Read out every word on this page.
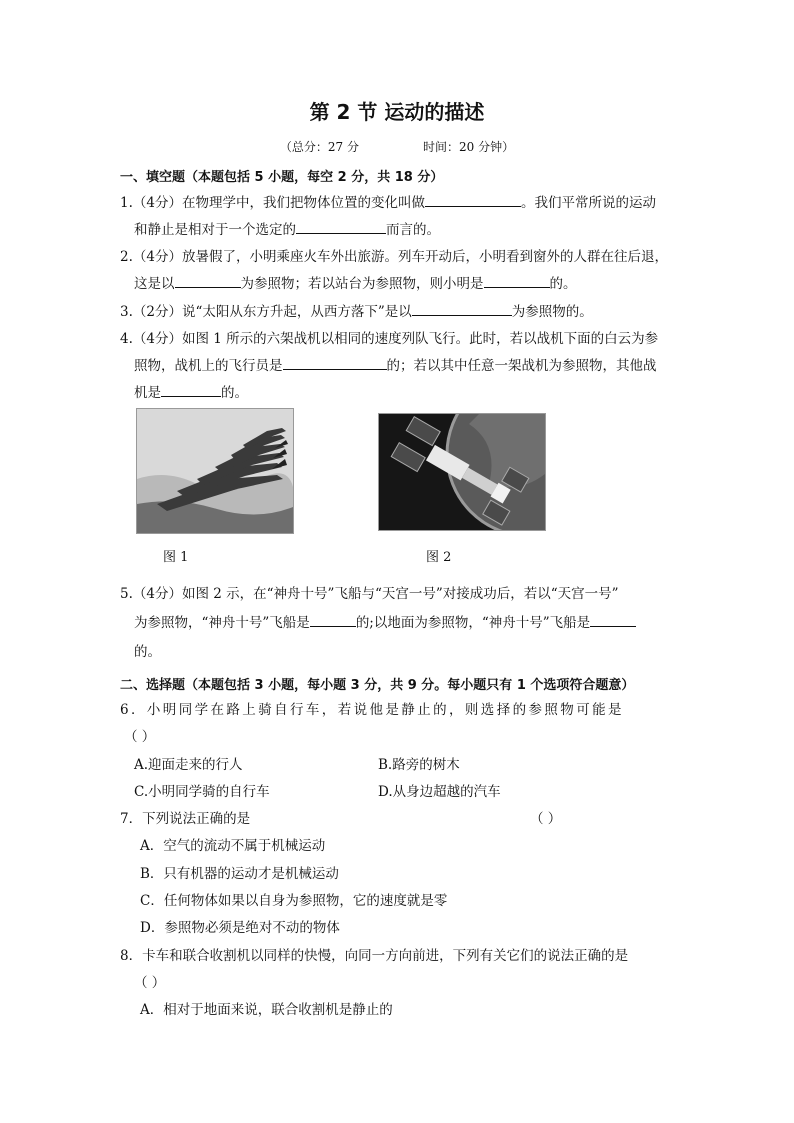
第 2 节 运动的描述
（总分：27 分	时间：20 分钟）
一、填空题（本题包括 5 小题，每空 2 分，共 18 分）
1.（4分）在物理学中，我们把物体位置的变化叫做	。我们平常所说的运动
和静止是相对于一个选定的	而言的。
2.（4分）放暑假了，小明乘座火车外出旅游。列车开动后，小明看到窗外的人群在往后退，
这是以	为参照物；若以站台为参照物，则小明是	的。
3.（2分）说“太阳从东方升起，从西方落下”是以	为参照物的。
4.（4分）如图 1 所示的六架战机以相同的速度列队飞行。此时，若以战机下面的白云为参
照物，战机上的飞行员是	的；若以其中任意一架战机为参照物，其他战
机是	的。
图 1	图 2
5.（4分）如图 2 示，在“神舟十号”飞船与“天宫一号”对接成功后，若以“天宫一号”
为参照物，“神舟十号”飞船是	的;以地面为参照物，“神舟十号”飞船是
的。
二、选择题（本题包括 3 小题，每小题 3 分，共 9 分。每小题只有 1 个选项符合题意）
6．小明同学在路上骑自行车，若说他是静止的，则选择的参照物可能是
（ ）
A.迎面走来的行人	B.路旁的树木
C.小明同学骑的自行车	D.从身边超越的汽车
7．下列说法正确的是	（ ）
A．空气的流动不属于机械运动
B．只有机器的运动才是机械运动
C．任何物体如果以自身为参照物，它的速度就是零
D．参照物必须是绝对不动的物体
8．卡车和联合收割机以同样的快慢，向同一方向前进，下列有关它们的说法正确的是
（ ）
A．相对于地面来说，联合收割机是静止的
